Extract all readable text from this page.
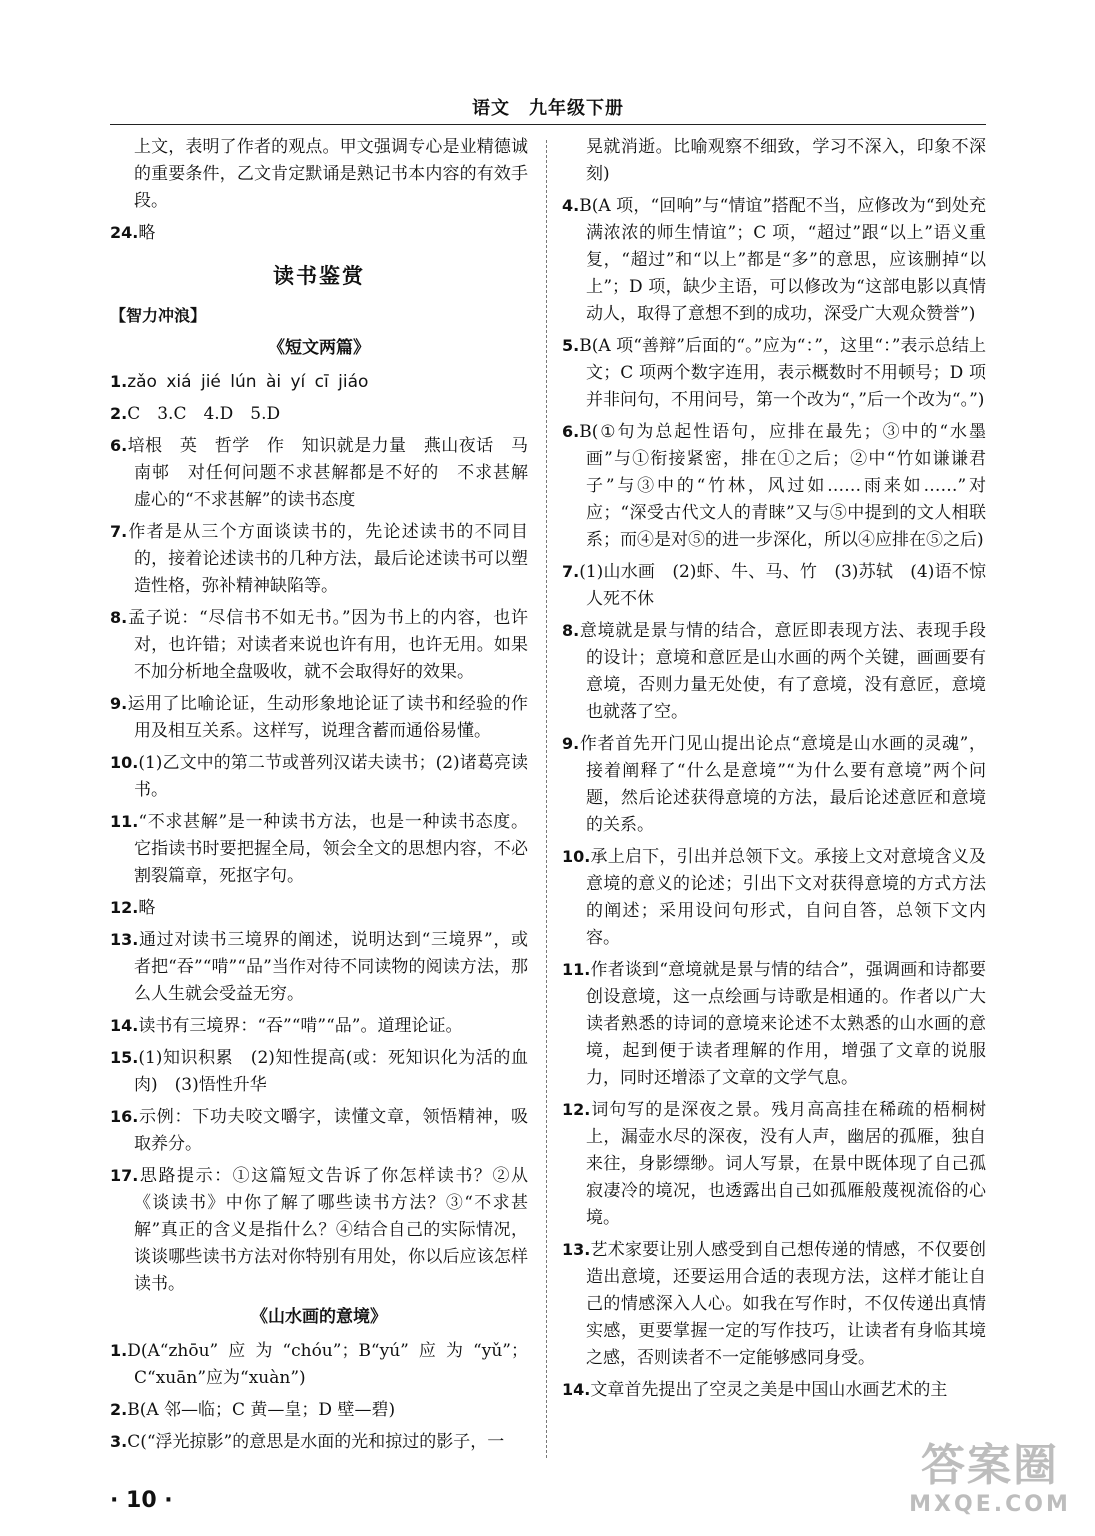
语文　九年级下册

上文，表明了作者的观点。甲文强调专心是业精德诚的重要条件，乙文肯定默诵是熟记书本内容的有效手段。

24.略

读书鉴赏
【智力冲浪】
《短文两篇》

1.zǎo xiá jié lún ài yí cī jiáo

2.C　3.C　4.D　5.D

6.培根　英　哲学　作　知识就是力量　燕山夜话　马南邨　对任何问题不求甚解都是不好的　不求甚解　虚心的“不求甚解”的读书态度

7.作者是从三个方面谈读书的，先论述读书的不同目的，接着论述读书的几种方法，最后论述读书可以塑造性格，弥补精神缺陷等。

8.孟子说：“尽信书不如无书。”因为书上的内容，也许对，也许错；对读者来说也许有用，也许无用。如果不加分析地全盘吸收，就不会取得好的效果。

9.运用了比喻论证，生动形象地论证了读书和经验的作用及相互关系。这样写，说理含蓄而通俗易懂。

10.(1)乙文中的第二节或普列汉诺夫读书；(2)诸葛亮读书。

11.“不求甚解”是一种读书方法，也是一种读书态度。它指读书时要把握全局，领会全文的思想内容，不必割裂篇章，死抠字句。

12.略

13.通过对读书三境界的阐述，说明达到“三境界”，或者把“吞”“啃”“品”当作对待不同读物的阅读方法，那么人生就会受益无穷。

14.读书有三境界：“吞”“啃”“品”。道理论证。

15.(1)知识积累　(2)知性提高(或：死知识化为活的血肉)　(3)悟性升华

16.示例：下功夫咬文嚼字，读懂文章，领悟精神，吸取养分。

17.思路提示：①这篇短文告诉了你怎样读书？②从《谈读书》中你了解了哪些读书方法？③“不求甚解”真正的含义是指什么？④结合自己的实际情况，谈谈哪些读书方法对你特别有用处，你以后应该怎样读书。

《山水画的意境》

1.D(A“zhōu”应为“chóu”；B“yú”应为“yǔ”；C“xuān”应为“xuàn”)

2.B(A 邻—临；C 黄—皇；D 壁—碧)

3.C(“浮光掠影”的意思是水面的光和掠过的影子，一

晃就消逝。比喻观察不细致，学习不深入，印象不深刻)

4.B(A 项，“回响”与“情谊”搭配不当，应修改为“到处充满浓浓的师生情谊”；C 项，“超过”跟“以上”语义重复，“超过”和“以上”都是“多”的意思，应该删掉“以上”；D 项，缺少主语，可以修改为“这部电影以真情动人，取得了意想不到的成功，深受广大观众赞誉”)

5.B(A 项“善辩”后面的“。”应为“：”，这里“：”表示总结上文；C 项两个数字连用，表示概数时不用顿号；D 项并非问句，不用问号，第一个改为“，”后一个改为“。”)

6.B(①句为总起性语句，应排在最先；③中的“水墨画”与①衔接紧密，排在①之后；②中“竹如谦谦君子”与③中的“竹林，风过如……雨来如……”对应；“深受古代文人的青睐”又与⑤中提到的文人相联系；而④是对⑤的进一步深化，所以④应排在⑤之后)

7.(1)山水画　(2)虾、牛、马、竹　(3)苏轼　(4)语不惊人死不休

8.意境就是景与情的结合，意匠即表现方法、表现手段的设计；意境和意匠是山水画的两个关键，画画要有意境，否则力量无处使，有了意境，没有意匠，意境也就落了空。

9.作者首先开门见山提出论点“意境是山水画的灵魂”，接着阐释了“什么是意境”“为什么要有意境”两个问题，然后论述获得意境的方法，最后论述意匠和意境的关系。

10.承上启下，引出并总领下文。承接上文对意境含义及意境的意义的论述；引出下文对获得意境的方式方法的阐述；采用设问句形式，自问自答，总领下文内容。

11.作者谈到“意境就是景与情的结合”，强调画和诗都要创设意境，这一点绘画与诗歌是相通的。作者以广大读者熟悉的诗词的意境来论述不太熟悉的山水画的意境，起到便于读者理解的作用，增强了文章的说服力，同时还增添了文章的文学气息。

12.词句写的是深夜之景。残月高高挂在稀疏的梧桐树上，漏壶水尽的深夜，没有人声，幽居的孤雁，独自来往，身影缥缈。词人写景，在景中既体现了自己孤寂凄冷的境况，也透露出自己如孤雁般蔑视流俗的心境。

13.艺术家要让别人感受到自己想传递的情感，不仅要创造出意境，还要运用合适的表现方法，这样才能让自己的情感深入人心。如我在写作时，不仅传递出真情实感，更要掌握一定的写作技巧，让读者有身临其境之感，否则读者不一定能够感同身受。

14.文章首先提出了空灵之美是中国山水画艺术的主

· 10 ·
答案圈
MXQE.COM
